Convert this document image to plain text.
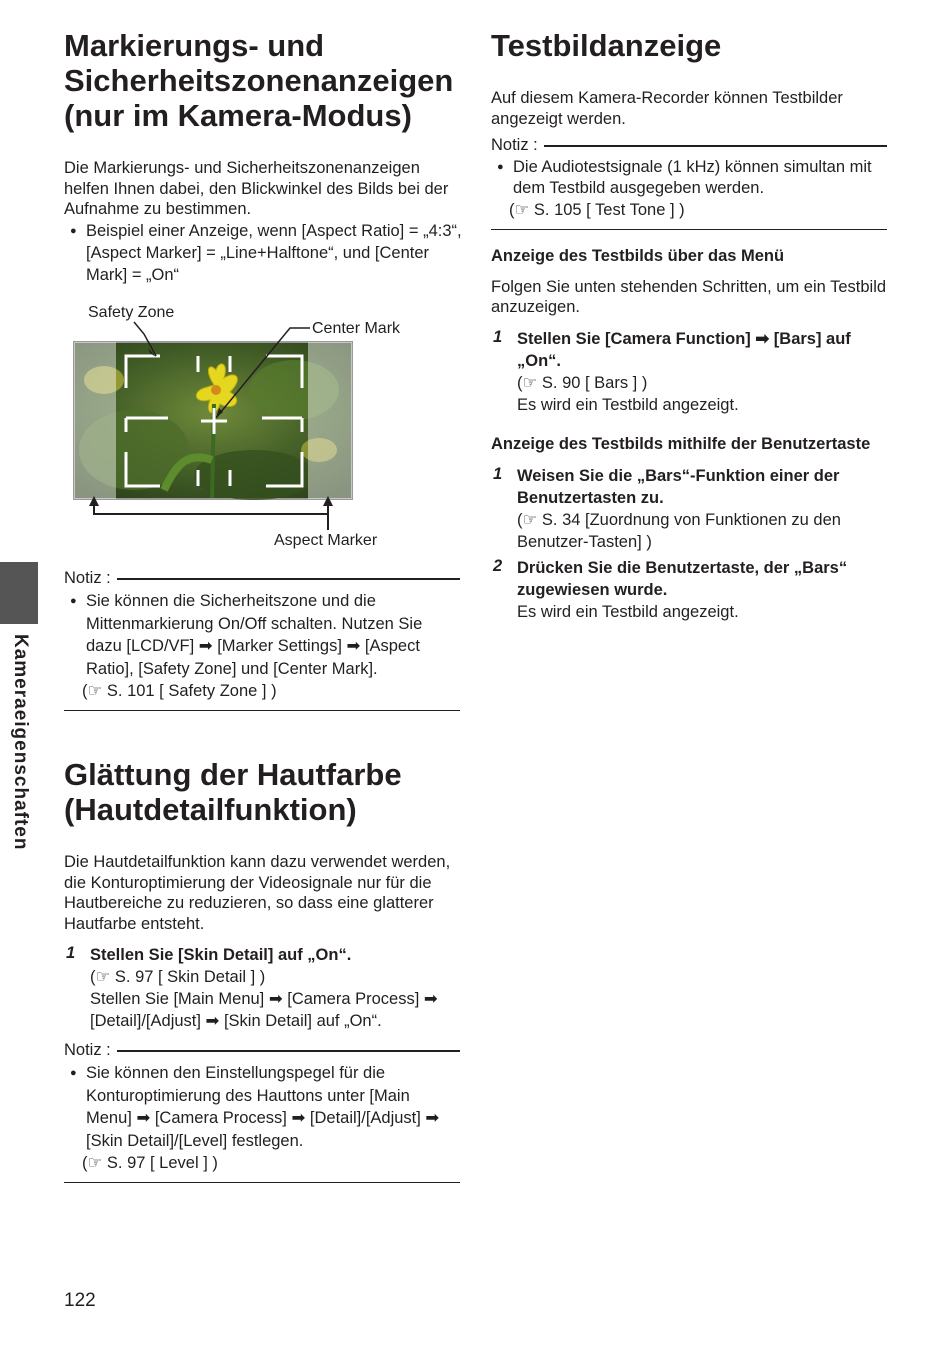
Kameraeigenschaften
Markierungs- und Sicherheitszonenanzeigen (nur im Kamera-Modus)

Die Markierungs- und Sicherheitszonenanzeigen helfen Ihnen dabei, den Blickwinkel des Bilds bei der Aufnahme zu bestimmen.

● Beispiel einer Anzeige, wenn [Aspect Ratio] = „4:3“, [Aspect Marker] = „Line+Halftone“, und [Center Mark] = „On“
Safety Zone
Center Mark
Aspect Marker
Notiz :
● Sie können die Sicherheitszone und die Mittenmarkierung On/Off schalten. Nutzen Sie dazu [LCD/VF] ➡ [Marker Settings] ➡ [Aspect Ratio], [Safety Zone] und [Center Mark].
(☞ S. 101 [ Safety Zone ] )
Glättung der Hautfarbe (Hautdetailfunktion)

Die Hautdetailfunktion kann dazu verwendet werden, die Konturoptimierung der Videosignale nur für die Hautbereiche zu reduzieren, so dass eine glatterer Hautfarbe entsteht.

1 Stellen Sie [Skin Detail] auf „On“.
(☞ S. 97 [ Skin Detail ] )
Stellen Sie [Main Menu] ➡ [Camera Process] ➡ [Detail]/[Adjust] ➡ [Skin Detail] auf „On“.
Notiz :
● Sie können den Einstellungspegel für die Konturoptimierung des Hauttons unter [Main Menu] ➡ [Camera Process] ➡ [Detail]/[Adjust] ➡ [Skin Detail]/[Level] festlegen.
(☞ S. 97 [ Level ] )
Testbildanzeige

Auf diesem Kamera-Recorder können Testbilder angezeigt werden.

Notiz :
● Die Audiotestsignale (1 kHz) können simultan mit dem Testbild ausgegeben werden.
(☞ S. 105 [ Test Tone ] )
Anzeige des Testbilds über das Menü

Folgen Sie unten stehenden Schritten, um ein Testbild anzuzeigen.

1 Stellen Sie [Camera Function] ➡ [Bars] auf „On“.
(☞ S. 90 [ Bars ] )
Es wird ein Testbild angezeigt.
Anzeige des Testbilds mithilfe der Benutzertaste
1 Weisen Sie die „Bars“-Funktion einer der Benutzertasten zu.
(☞ S. 34 [Zuordnung von Funktionen zu den Benutzer-Tasten] )
2 Drücken Sie die Benutzertaste, der „Bars“ zugewiesen wurde.
Es wird ein Testbild angezeigt.
122
